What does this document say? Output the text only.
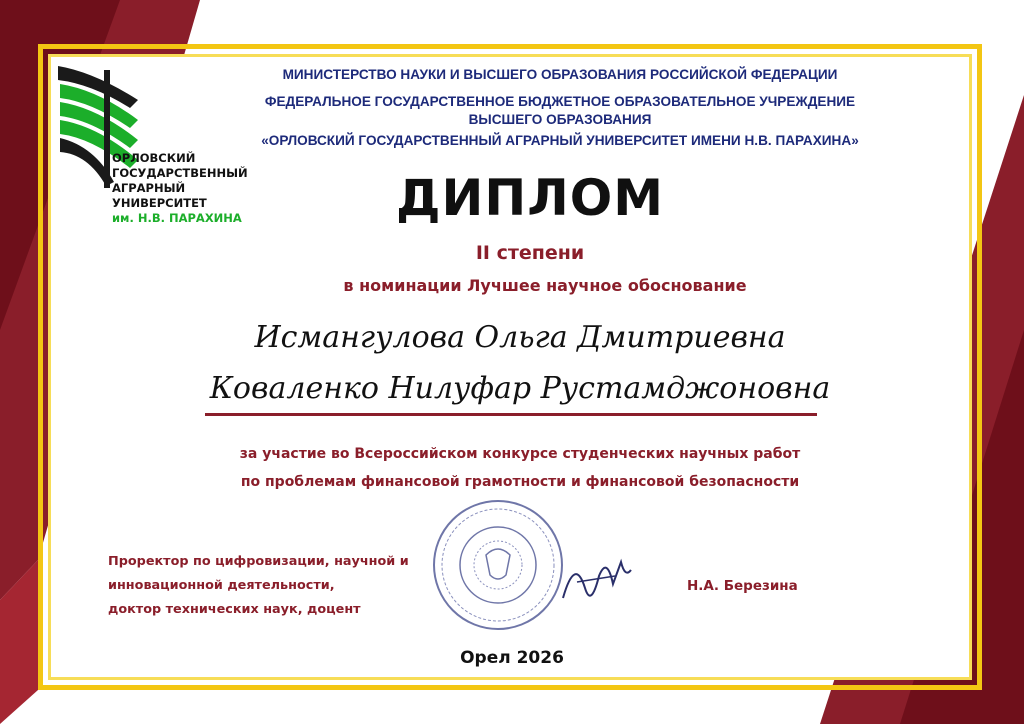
ОРЛОВСКИЙ
ГОСУДАРСТВЕННЫЙ
АГРАРНЫЙ
УНИВЕРСИТЕТ
им. Н.В. ПАРАХИНА
МИНИСТЕРСТВО НАУКИ И ВЫСШЕГО ОБРАЗОВАНИЯ РОССИЙСКОЙ ФЕДЕРАЦИИ
ФЕДЕРАЛЬНОЕ ГОСУДАРСТВЕННОЕ БЮДЖЕТНОЕ ОБРАЗОВАТЕЛЬНОЕ УЧРЕЖДЕНИЕ
ВЫСШЕГО ОБРАЗОВАНИЯ
«ОРЛОВСКИЙ ГОСУДАРСТВЕННЫЙ АГРАРНЫЙ УНИВЕРСИТЕТ ИМЕНИ Н.В. ПАРАХИНА»
ДИПЛОМ
II степени
в номинации Лучшее научное обоснование
Исмангулова Ольга Дмитриевна
Коваленко Нилуфар Рустамджоновна
за участие во Всероссийском конкурсе студенческих научных работ
по проблемам финансовой грамотности и финансовой безопасности
Проректор по цифровизации, научной и
инновационной деятельности,
доктор технических наук, доцент
Н.А. Березина
Орел 2026
